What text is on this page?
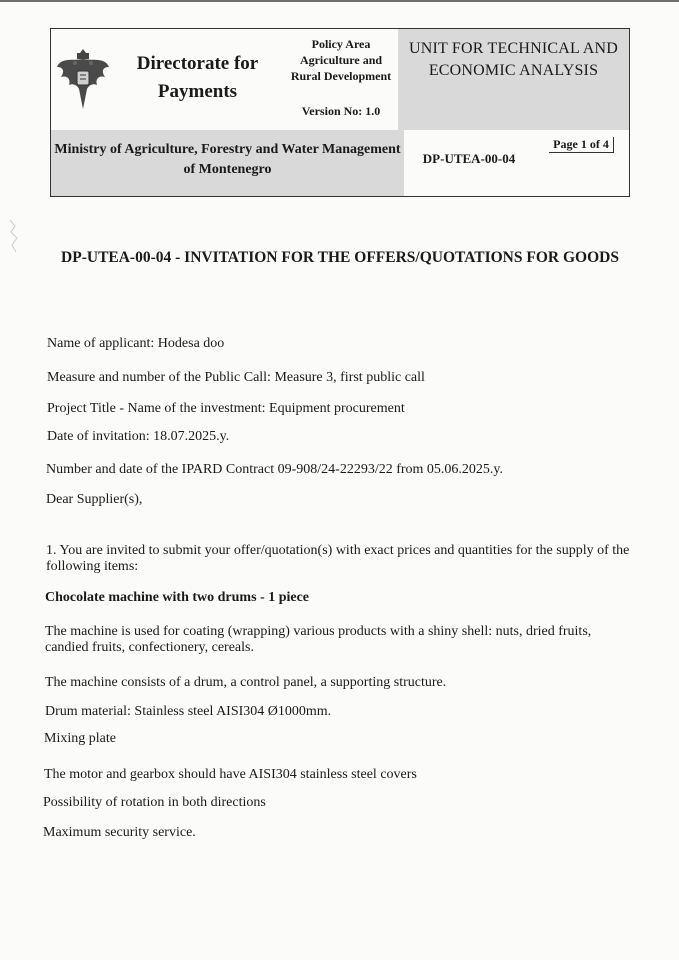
Directorate for Payments
Policy Area Agriculture and Rural Development
Version No: 1.0
UNIT FOR TECHNICAL AND ECONOMIC ANALYSIS
Ministry of Agriculture, Forestry and Water Management of Montenegro
DP-UTEA-00-04
Page 1 of 4
DP-UTEA-00-04 - INVITATION FOR THE OFFERS/QUOTATIONS FOR GOODS
Name of applicant: Hodesa doo
Measure and number of the Public Call: Measure 3, first public call
Project Title - Name of the investment: Equipment procurement
Date of invitation: 18.07.2025.y.
Number and date of the IPARD Contract 09-908/24-22293/22 from 05.06.2025.y.
Dear Supplier(s),
1. You are invited to submit your offer/quotation(s) with exact prices and quantities for the supply of the following items:
Chocolate machine with two drums - 1 piece
The machine is used for coating (wrapping) various products with a shiny shell: nuts, dried fruits, candied fruits, confectionery, cereals.
The machine consists of a drum, a control panel, a supporting structure.
Drum material: Stainless steel AISI304 Ø1000mm.
Mixing plate
The motor and gearbox should have AISI304 stainless steel covers
Possibility of rotation in both directions
Maximum security service.
